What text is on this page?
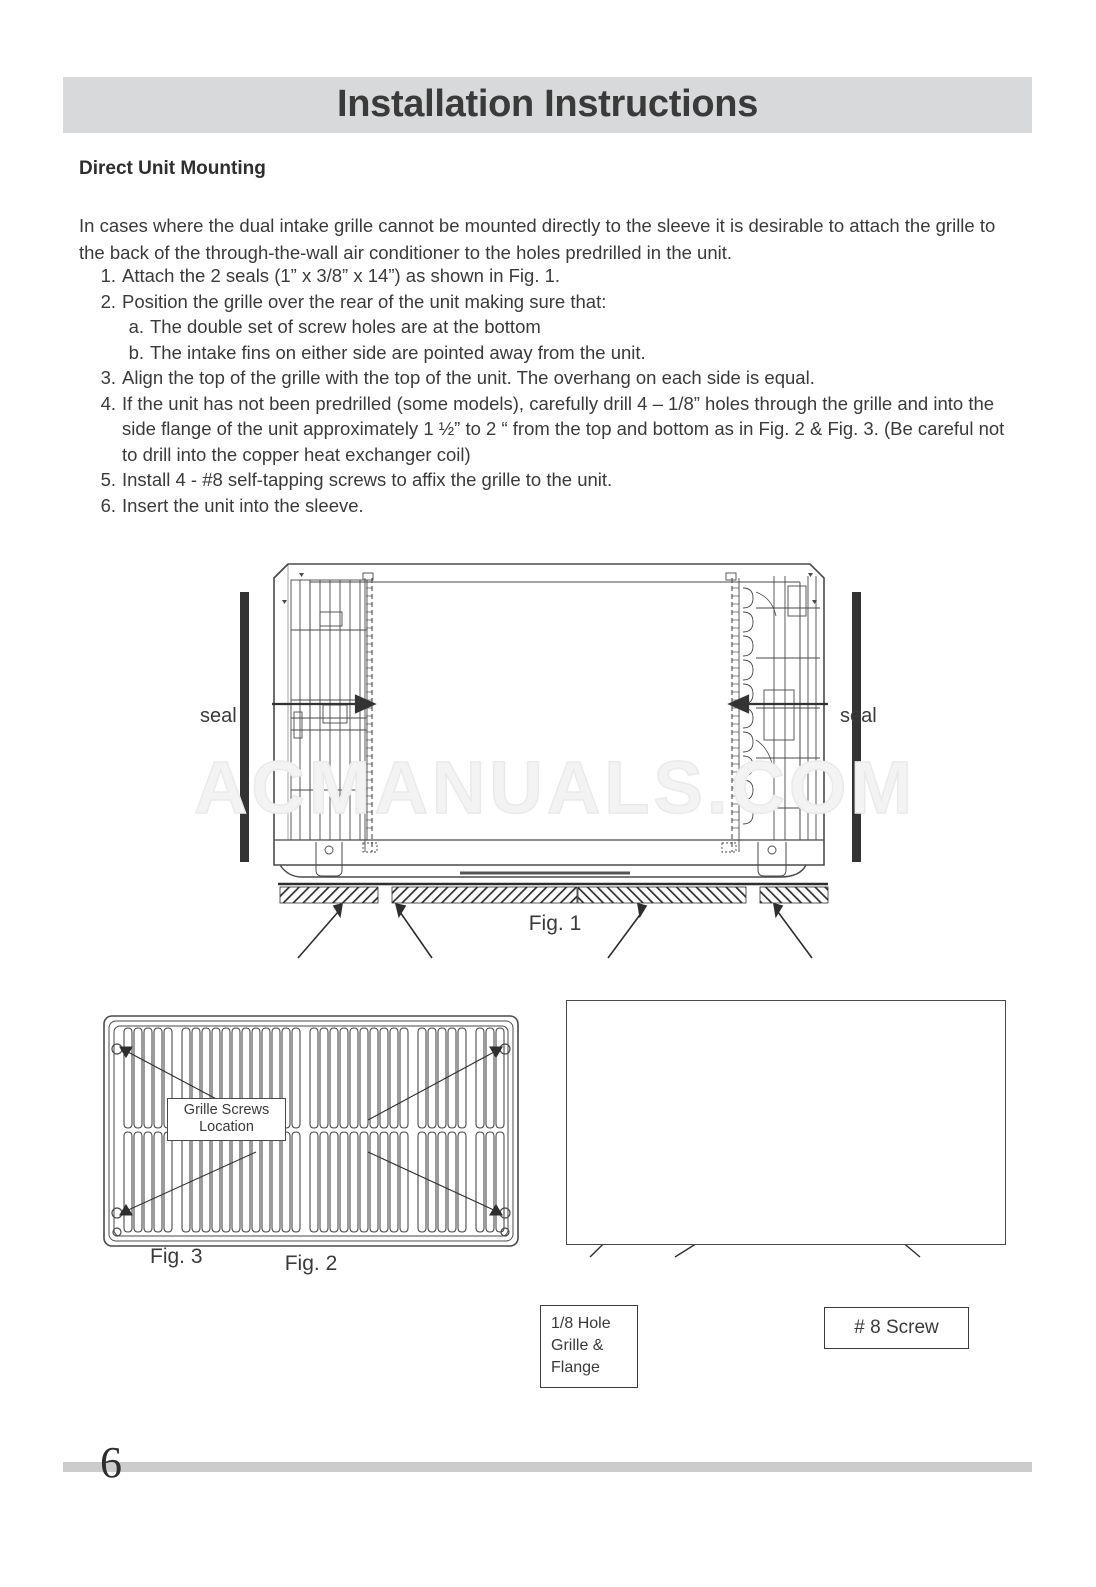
Installation Instructions
Direct Unit Mounting
In cases where the dual intake grille cannot be mounted directly to the sleeve it is desirable to attach the grille to the back of the through-the-wall air conditioner to the holes predrilled in the unit.
1. Attach the 2 seals (1” x 3/8” x 14”) as shown in Fig. 1.
2. Position the grille over the rear of the unit making sure that:
a. The double set of screw holes are at the bottom
b. The intake fins on either side are pointed away from the unit.
3. Align the top of the grille with the top of the unit. The overhang on each side is equal.
4. If the unit has not been predrilled (some models), carefully drill 4 – 1/8” holes through the grille and into the side flange of the unit approximately 1 ½” to 2 “ from the top and bottom as in Fig. 2 & Fig. 3. (Be careful not to drill into the copper heat exchanger coil)
5. Install 4 - #8 self-tapping screws to affix the grille to the unit.
6. Insert the unit into the sleeve.
ACMANUALS.COM
seal	seal
Fig. 1
Fig. 2
Grille Screws
Location
Fig. 3
1/8 Hole
Grille &
Flange
# 8 Screw
6
